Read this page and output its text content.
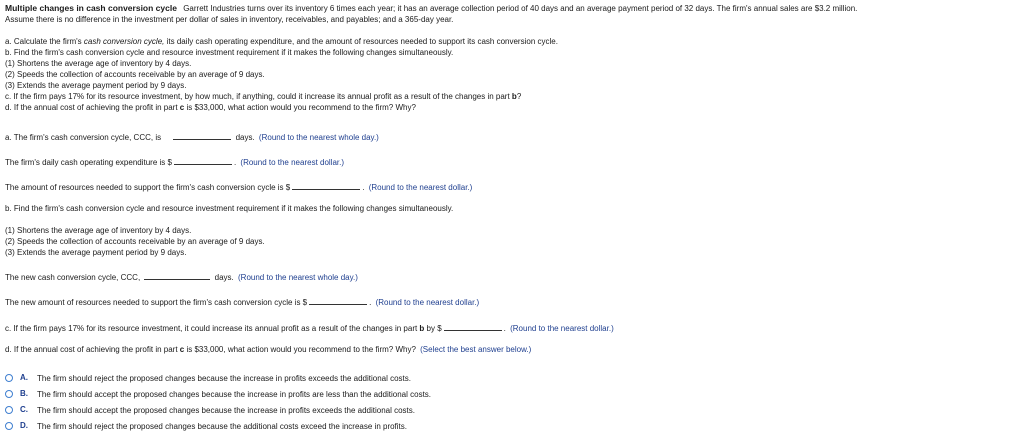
Multiple changes in cash conversion cycle Garrett Industries turns over its inventory 6 times each year; it has an average collection period of 40 days and an average payment period of 32 days. The firm's annual sales are $3.2 million.
Assume there is no difference in the investment per dollar of sales in inventory, receivables, and payables; and a 365-day year.
a. Calculate the firm's cash conversion cycle, its daily cash operating expenditure, and the amount of resources needed to support its cash conversion cycle.
b. Find the firm's cash conversion cycle and resource investment requirement if it makes the following changes simultaneously.
(1) Shortens the average age of inventory by 4 days.
(2) Speeds the collection of accounts receivable by an average of 9 days.
(3) Extends the average payment period by 9 days.
c. If the firm pays 17% for its resource investment, by how much, if anything, could it increase its annual profit as a result of the changes in part b?
d. If the annual cost of achieving the profit in part c is $33,000, what action would you recommend to the firm? Why?
a. The firm's cash conversion cycle, CCC, is	days. (Round to the nearest whole day.)
The firm's daily cash operating expenditure is $	. (Round to the nearest dollar.)
The amount of resources needed to support the firm's cash conversion cycle is $	. (Round to the nearest dollar.)
b. Find the firm's cash conversion cycle and resource investment requirement if it makes the following changes simultaneously.
(1) Shortens the average age of inventory by 4 days.
(2) Speeds the collection of accounts receivable by an average of 9 days.
(3) Extends the average payment period by 9 days.
The new cash conversion cycle, CCC,	days. (Round to the nearest whole day.)
The new amount of resources needed to support the firm's cash conversion cycle is $	. (Round to the nearest dollar.)
c. If the firm pays 17% for its resource investment, it could increase its annual profit as a result of the changes in part b by $	. (Round to the nearest dollar.)
d. If the annual cost of achieving the profit in part c is $33,000, what action would you recommend to the firm? Why? (Select the best answer below.)
A. The firm should reject the proposed changes because the increase in profits exceeds the additional costs.
B. The firm should accept the proposed changes because the increase in profits are less than the additional costs.
C. The firm should accept the proposed changes because the increase in profits exceeds the additional costs.
D. The firm should reject the proposed changes because the additional costs exceed the increase in profits.
